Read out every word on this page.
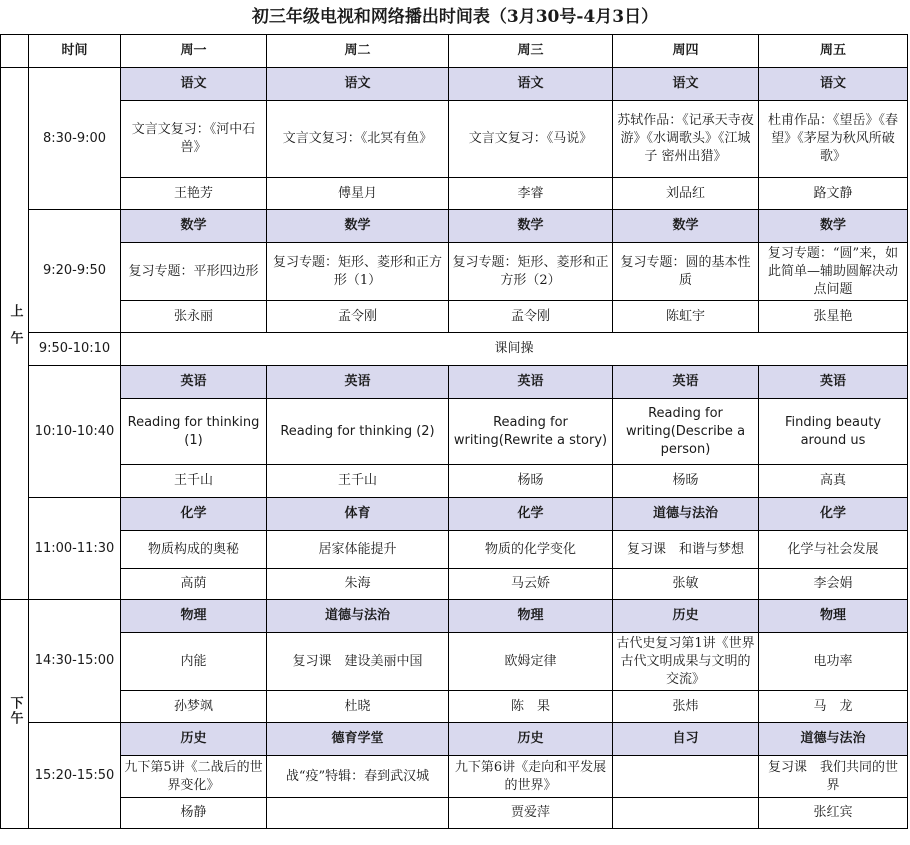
初三年级电视和网络播出时间表（3月30号-4月3日）
	时间	周一	周二	周三	周四	周五
上午	8:30-9:00	语文	语文	语文	语文	语文
		文言文复习：《河中石兽》	文言文复习：《北冥有鱼》	文言文复习：《马说》	苏轼作品：《记承天寺夜游》《水调歌头》《江城子 密州出猎》	杜甫作品：《望岳》《春望》《茅屋为秋风所破歌》
		王艳芳	傅星月	李睿	刘品红	路文静
	9:20-9:50	数学	数学	数学	数学	数学
		复习专题：平形四边形	复习专题：矩形、菱形和正方形（1）	复习专题：矩形、菱形和正方形（2）	复习专题：圆的基本性质	复习专题：“圆”来，如此简单—辅助圆解决动点问题
		张永丽	孟令刚	孟令刚	陈虹宇	张星艳
	9:50-10:10	课间操				
	10:10-10:40	英语	英语	英语	英语	英语
		Reading for thinking (1)	Reading for thinking (2)	Reading for writing(Rewrite a story)	Reading for writing(Describe a person)	Finding beauty around us
		王千山	王千山	杨旸	杨旸	高真
	11:00-11:30	化学	体育	化学	道德与法治	化学
		物质构成的奥秘	居家体能提升	物质的化学变化	复习课　和谐与梦想	化学与社会发展
		高荫	朱海	马云娇	张敏	李会娟
下午	14:30-15:00	物理	道德与法治	物理	历史	物理
		内能	复习课　建设美丽中国	欧姆定律	古代史复习第1讲《世界古代文明成果与文明的交流》	电功率
		孙梦飒	杜晓	陈　果	张炜	马　龙
	15:20-15:50	历史	德育学堂	历史	自习	道德与法治
		九下第5讲《二战后的世界变化》	战“疫”特辑：春到武汉城	九下第6讲《走向和平发展的世界》		复习课　我们共同的世界
		杨静		贾爱萍		张红宾
